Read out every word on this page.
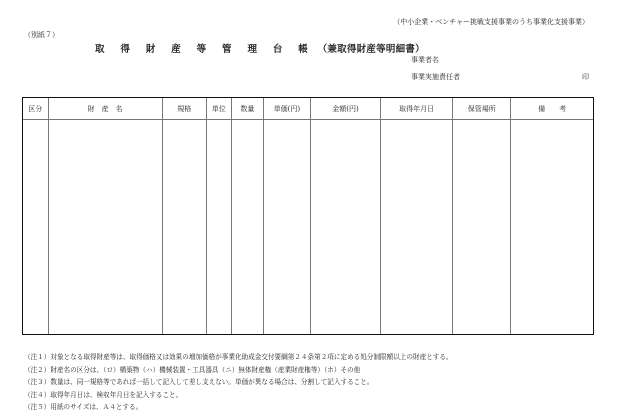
（中小企業・ベンチャー挑戦支援事業のうち事業化支援事業）
（別紙７）
取 得 財 産 等 管 理 台 帳 （兼取得財産等明細書）
事業者名
事業実施責任者	印
区分	財　産　名	規格	単位	数量	単価(円)	金額(円)	取得年月日	保管場所	備　　考

（注１）対象となる取得財産等は、取得価格又は効果の増加価格が事業化助成金交付要綱第２４条第２項に定める処分制限額以上の財産とする。
（注２）財産名の区分は、（ロ）構築物（ハ）機械装置・工具器具（ニ）無体財産権（産業財産権等）（ホ）その他
（注３）数量は、同一規格等であれば一括して記入して差し支えない。単価が異なる場合は、分割して記入すること。
（注４）取得年月日は、検収年月日を記入すること。
（注５）用紙のサイズは、Ａ４とする。
